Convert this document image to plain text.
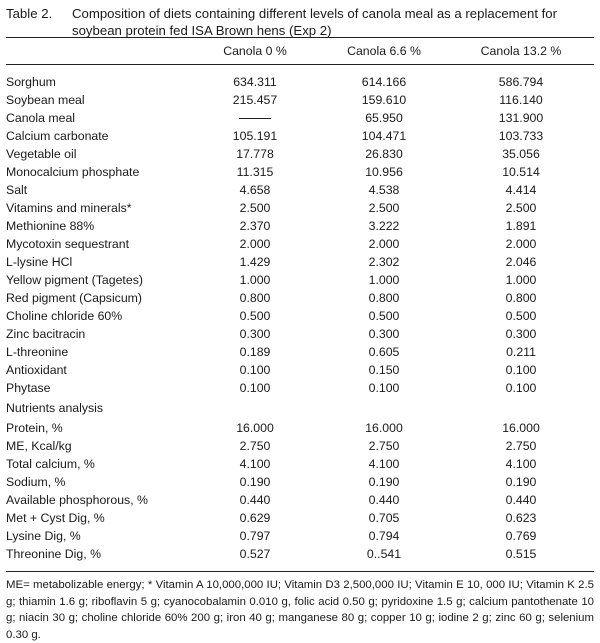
Table 2.	Composition of diets containing different levels of canola meal as a replacement for soybean protein fed ISA Brown hens (Exp 2)
	Canola 0 %	Canola 6.6 %	Canola 13.2 %

Sorghum	634.311	614.166	586.794
Soybean meal	215.457	159.610	116.140
Canola meal		65.950	131.900
Calcium carbonate	105.191	104.471	103.733
Vegetable oil	17.778	26.830	35.056
Monocalcium phosphate	11.315	10.956	10.514
Salt	4.658	4.538	4.414
Vitamins and minerals*	2.500	2.500	2.500
Methionine 88%	2.370	3.222	1.891
Mycotoxin sequestrant	2.000	2.000	2.000
L-lysine HCl	1.429	2.302	2.046
Yellow pigment (Tagetes)	1.000	1.000	1.000
Red pigment (Capsicum)	0.800	0.800	0.800
Choline chloride 60%	0.500	0.500	0.500
Zinc bacitracin	0.300	0.300	0.300
L-threonine	0.189	0.605	0.211
Antioxidant	0.100	0.150	0.100
Phytase	0.100	0.100	0.100
Nutrients analysis			
Protein, %	16.000	16.000	16.000
ME, Kcal/kg	2.750	2.750	2.750
Total calcium, %	4.100	4.100	4.100
Sodium, %	0.190	0.190	0.190
Available phosphorous, %	0.440	0.440	0.440
Met + Cyst Dig, %	0.629	0.705	0.623
Lysine Dig, %	0.797	0.794	0.769
Threonine Dig, %	0.527	0..541	0.515

ME= metabolizable energy; * Vitamin A 10,000,000 IU; Vitamin D3 2,500,000 IU; Vitamin E 10, 000 IU; Vitamin K 2.5 g; thiamin 1.6 g; riboflavin 5 g; cyanocobalamin 0.010 g, folic acid 0.50 g; pyridoxine 1.5 g; calcium pantothenate 10 g; niacin 30 g; choline chloride 60% 200 g; iron 40 g; manganese 80 g; copper 10 g; iodine 2 g; zinc 60 g; selenium 0.30 g.
